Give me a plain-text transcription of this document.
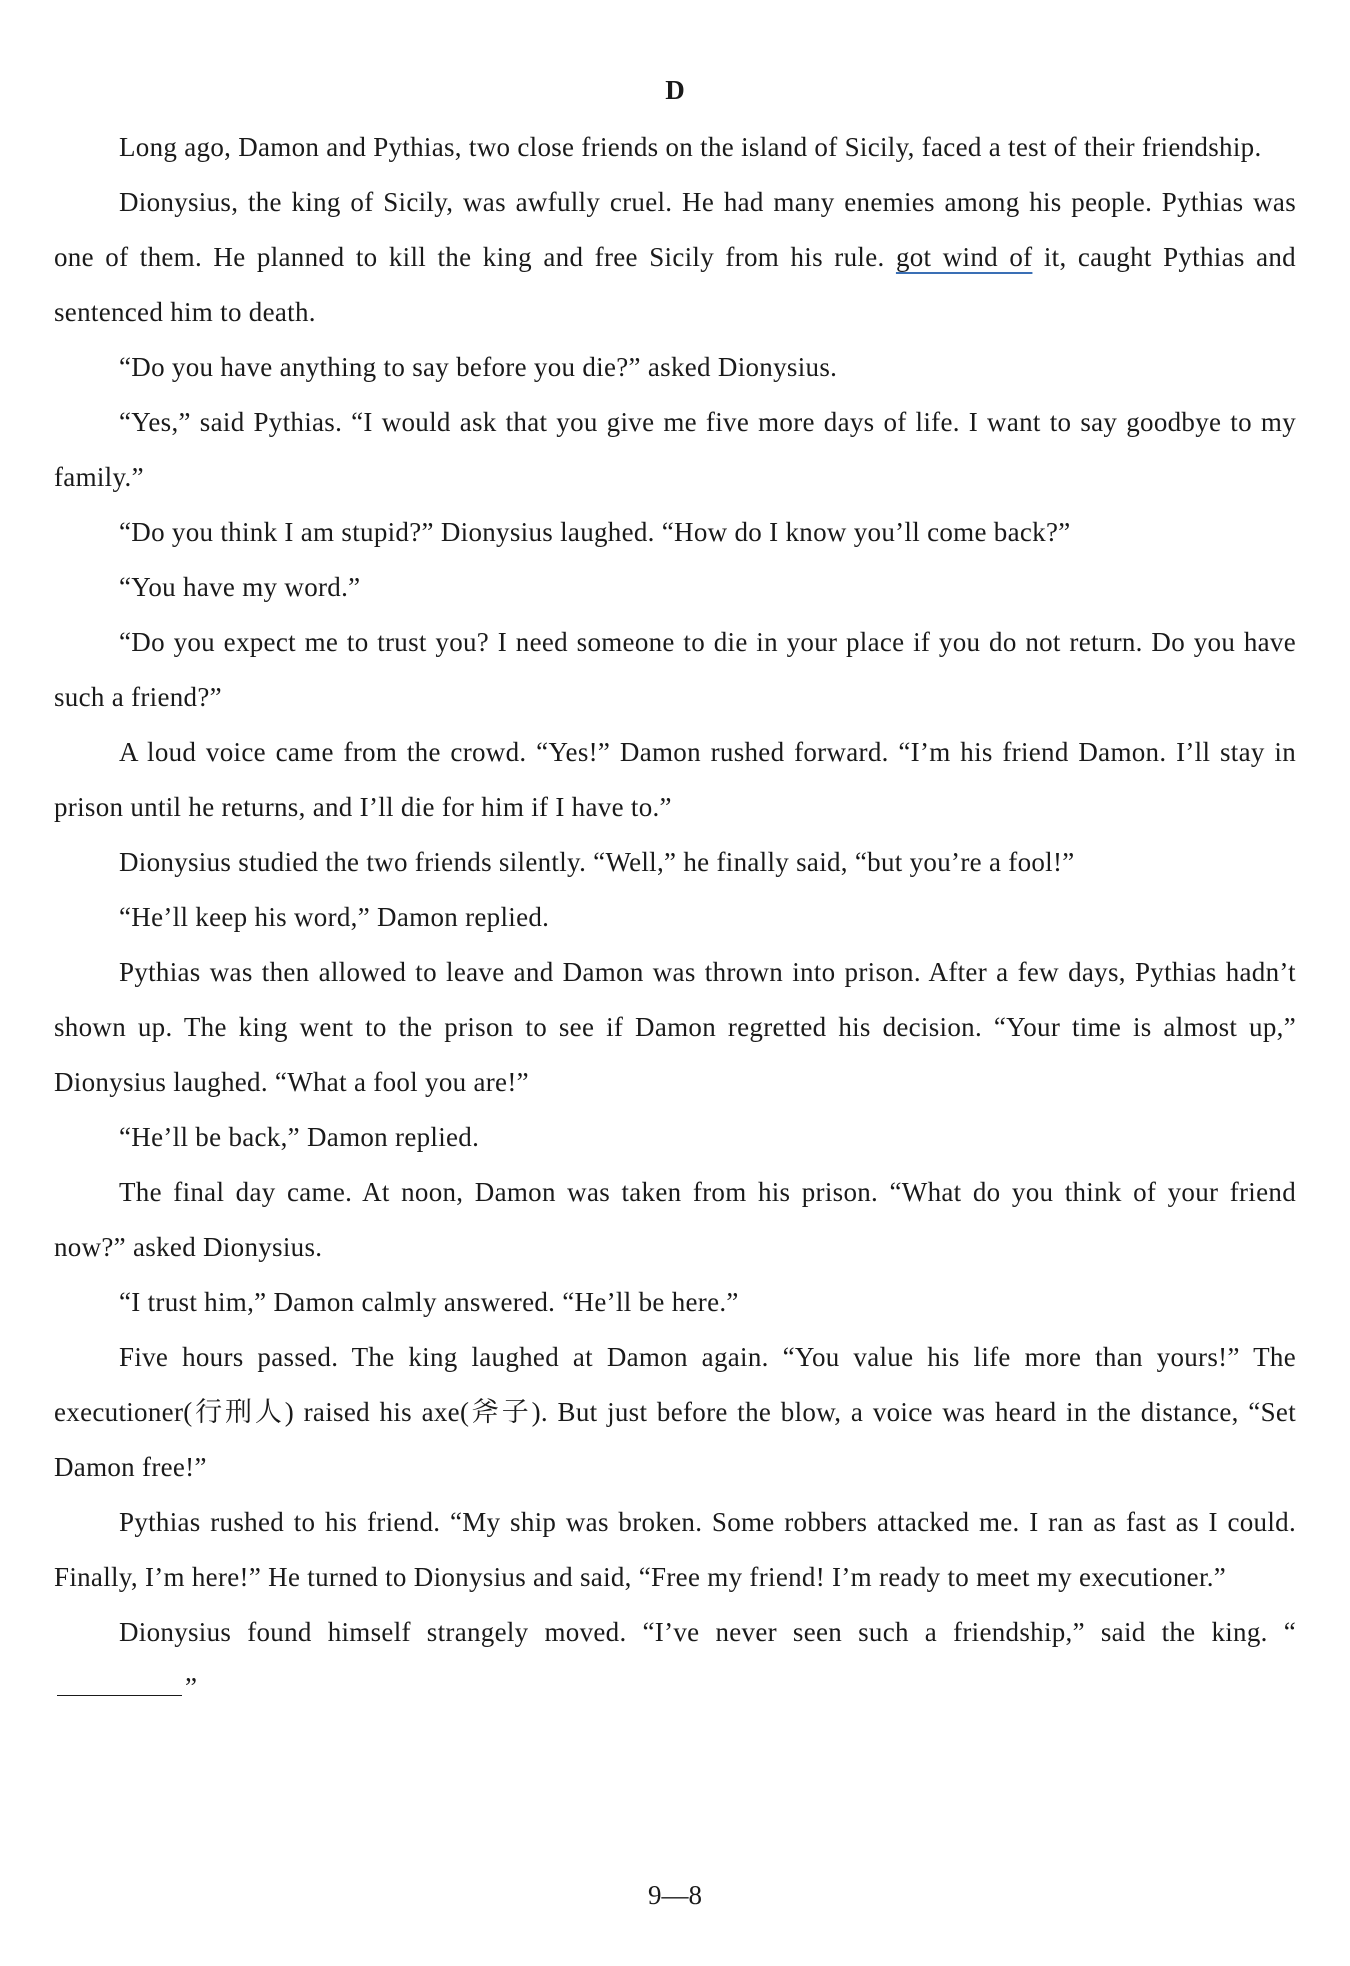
D

Long ago, Damon and Pythias, two close friends on the island of Sicily, faced a test of their friendship.

Dionysius, the king of Sicily, was awfully cruel. He had many enemies among his people. Pythias was one of them. He planned to kill the king and free Sicily from his rule. got wind of it, caught Pythias and sentenced him to death.

“Do you have anything to say before you die?” asked Dionysius.

“Yes,” said Pythias. “I would ask that you give me five more days of life. I want to say goodbye to my family.”

“Do you think I am stupid?” Dionysius laughed. “How do I know you’ll come back?”

“You have my word.”

“Do you expect me to trust you? I need someone to die in your place if you do not return. Do you have such a friend?”

A loud voice came from the crowd. “Yes!” Damon rushed forward. “I’m his friend Damon. I’ll stay in prison until he returns, and I’ll die for him if I have to.”

Dionysius studied the two friends silently. “Well,” he finally said, “but you’re a fool!”

“He’ll keep his word,” Damon replied.

Pythias was then allowed to leave and Damon was thrown into prison. After a few days, Pythias hadn’t shown up. The king went to the prison to see if Damon regretted his decision. “Your time is almost up,” Dionysius laughed. “What a fool you are!”

“He’ll be back,” Damon replied.

The final day came. At noon, Damon was taken from his prison. “What do you think of your friend now?” asked Dionysius.

“I trust him,” Damon calmly answered. “He’ll be here.”

Five hours passed. The king laughed at Damon again. “You value his life more than yours!” The executioner(行刑人) raised his axe(斧子). But just before the blow, a voice was heard in the distance, “Set Damon free!”

Pythias rushed to his friend. “My ship was broken. Some robbers attacked me. I ran as fast as I could. Finally, I’m here!” He turned to Dionysius and said, “Free my friend! I’m ready to meet my executioner.”

Dionysius found himself strangely moved. “I’ve never seen such a friendship,” said the king. “”

9—8
